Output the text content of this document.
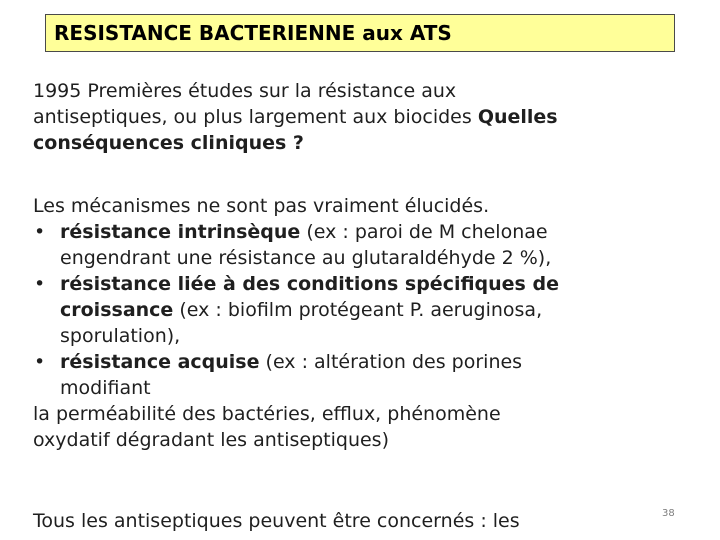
RESISTANCE BACTERIENNE aux ATS
1995 Premières études sur la résistance aux
antiseptiques, ou plus largement aux biocides Quelles
conséquences cliniques ?
Les mécanismes ne sont pas vraiment élucidés.
• résistance intrinsèque (ex : paroi de M chelonae
engendrant une résistance au glutaraldéhyde 2 %),
• résistance liée à des conditions spécifiques de
croissance (ex : biofilm protégeant P. aeruginosa,
sporulation),
• résistance acquise (ex : altération des porines
modifiant
la perméabilité des bactéries, efflux, phénomène
oxydatif dégradant les antiseptiques)
Tous les antiseptiques peuvent être concernés : les	38
